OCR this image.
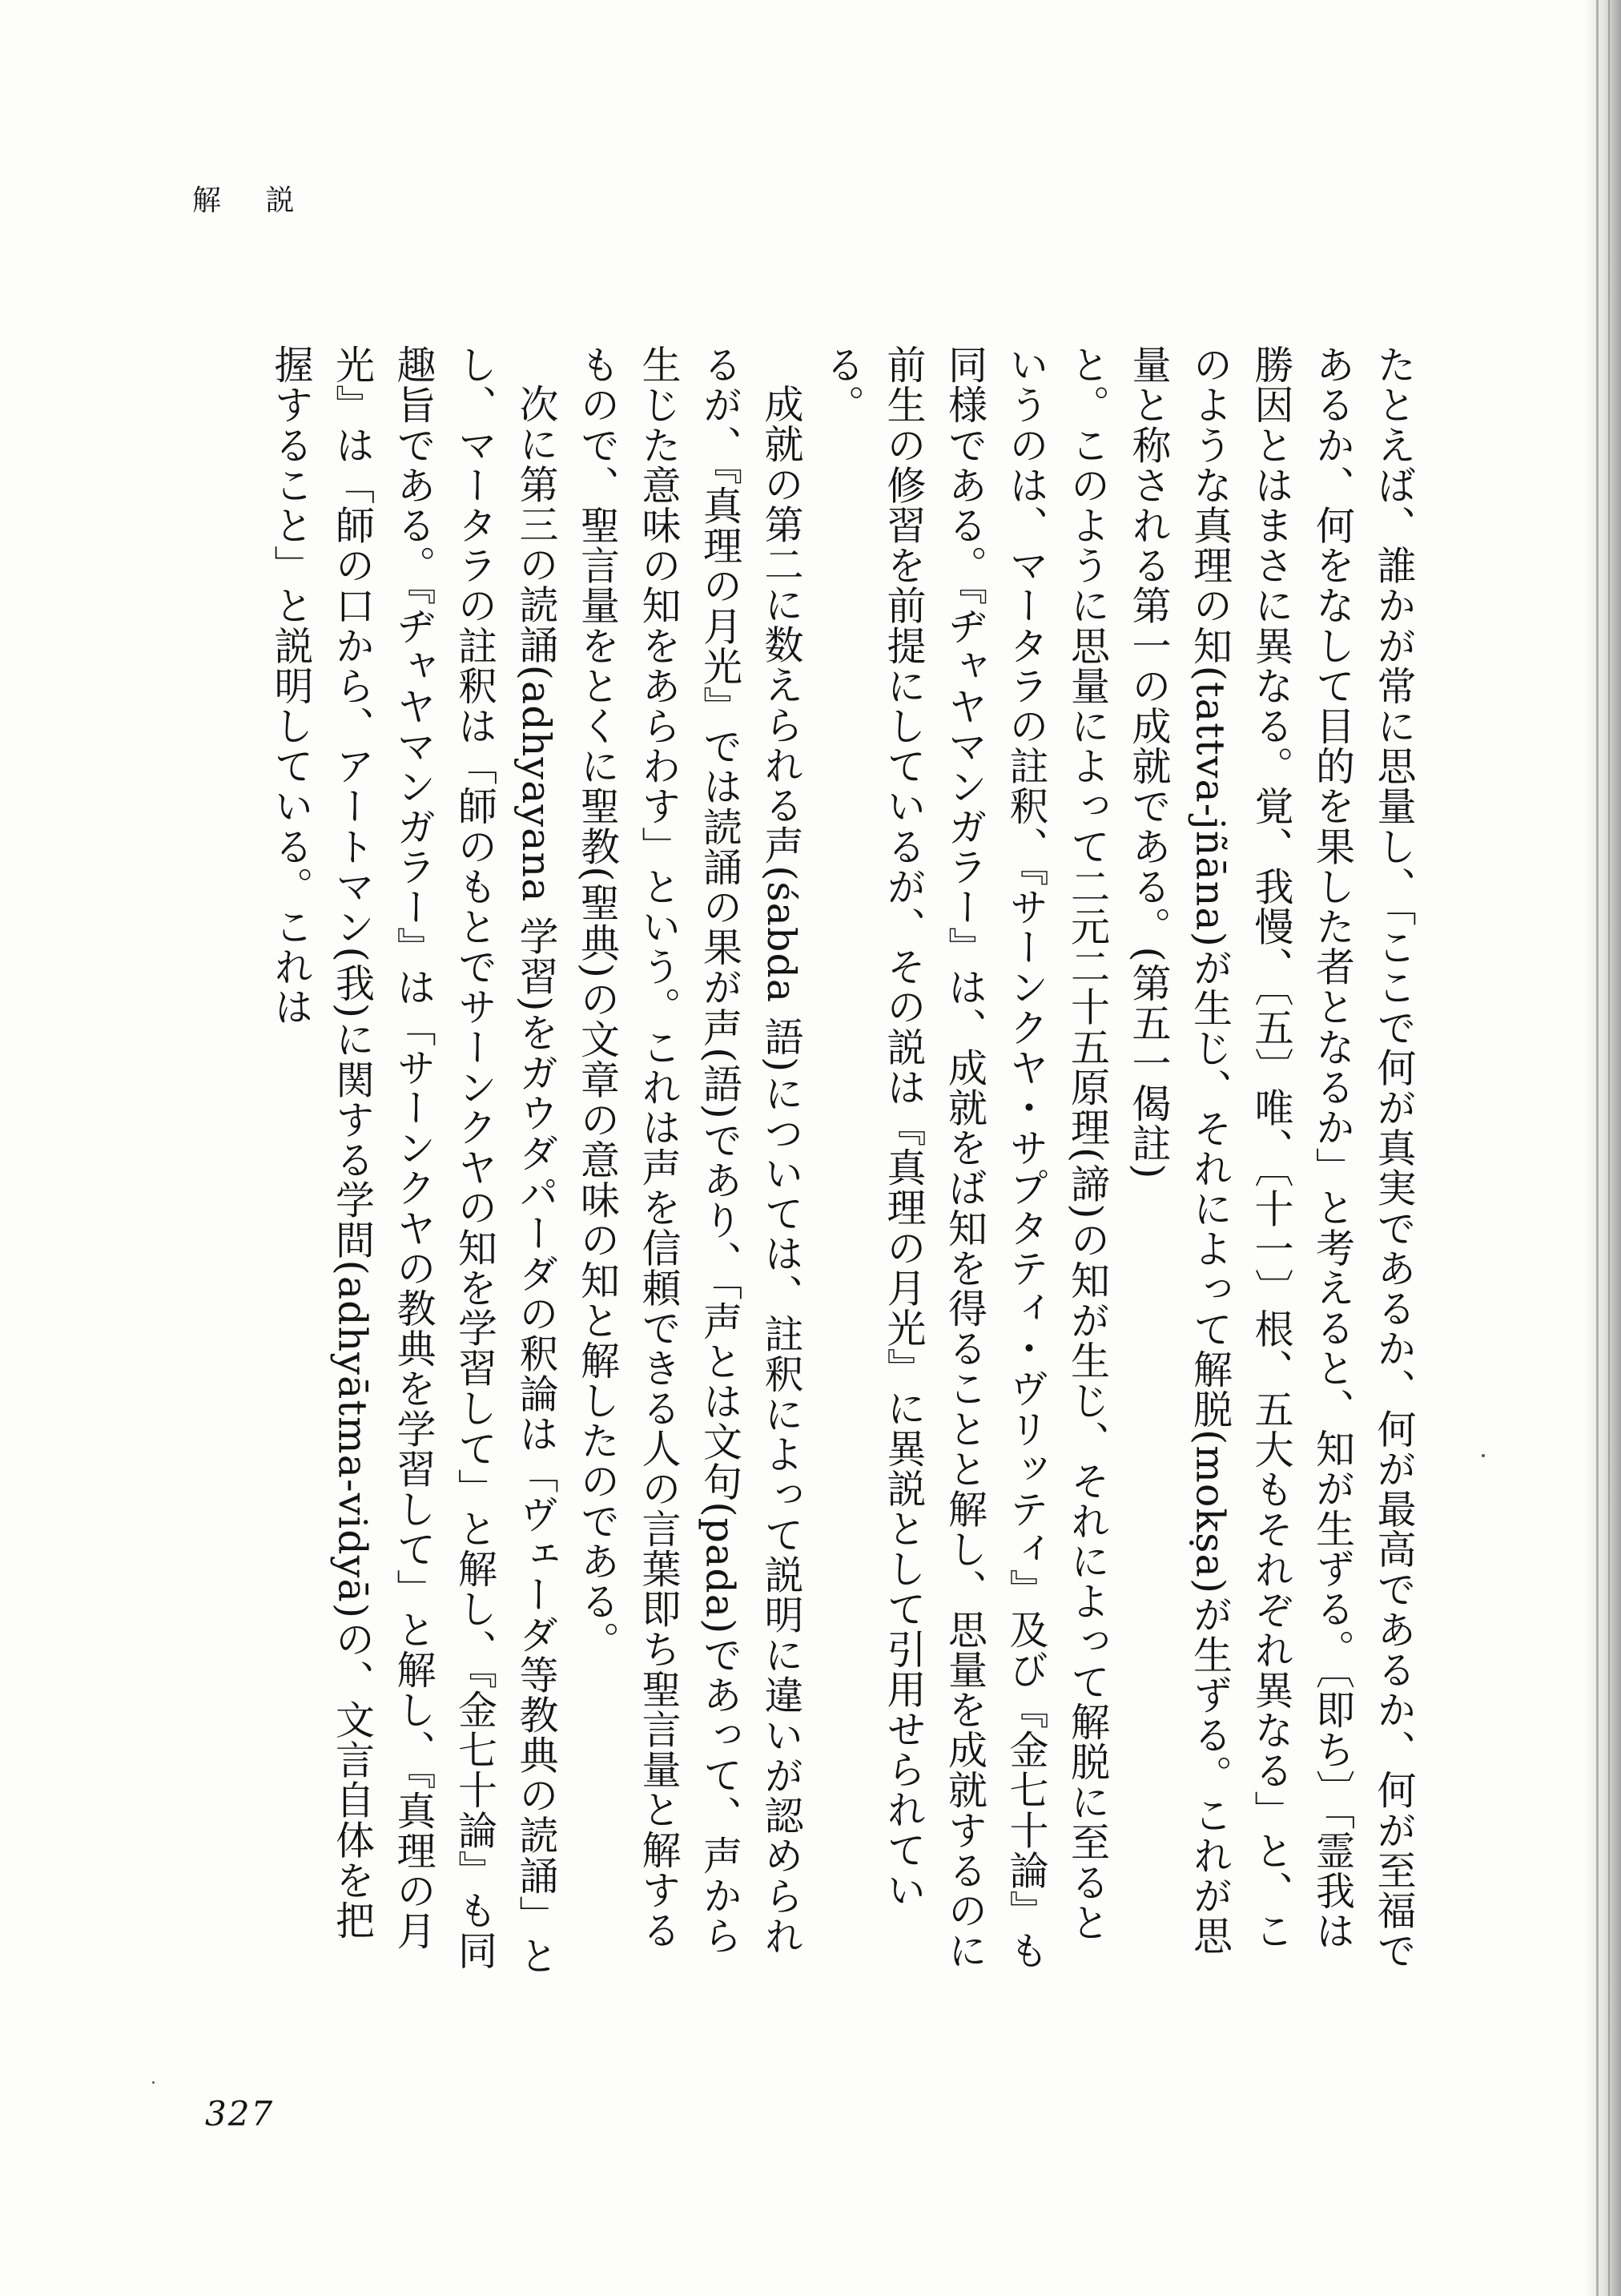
解 説

たとえば、誰かが常に思量し、「ここで何が真実であるか、何が最高であるか、何が至福であるか、何をなして目的を果した者となるか」と考えると、知が生ずる。〔即ち〕「霊我は勝因とはまさに異なる。覚、我慢、〔五〕唯、〔十一〕根、五大もそれぞれ異なる」と、このような真理の知(tattva-jñāna)が生じ、それによって解脱(mokṣa)が生ずる。これが思量と称される第一の成就である。(第五一偈註)

と。このように思量によって二元二十五原理(諦)の知が生じ、それによって解脱に至るというのは、マータラの註釈、『サーンクヤ・サプタティ・ヴリッティ』及び『金七十論』も同様である。『ヂャヤマンガラー』は、成就をば知を得ることと解し、思量を成就するのに前生の修習を前提にしているが、その説は『真理の月光』に異説として引用せられている。

成就の第二に数えられる声(śabda 語)については、註釈によって説明に違いが認められるが、『真理の月光』では読誦の果が声(語)であり、「声とは文句(pada)であって、声から生じた意味の知をあらわす」という。これは声を信頼できる人の言葉即ち聖言量と解するもので、聖言量をとくに聖教(聖典)の文章の意味の知と解したのである。

次に第三の読誦(adhyayana 学習)をガウダパーダの釈論は「ヴェーダ等教典の読誦」とし、マータラの註釈は「師のもとでサーンクヤの知を学習して」と解し、『金七十論』も同趣旨である。『ヂャヤマンガラー』は「サーンクヤの教典を学習して」と解し、『真理の月光』は「師の口から、アートマン(我)に関する学問(adhyātma-vidyā)の、文言自体を把握すること」と説明している。これは

327
